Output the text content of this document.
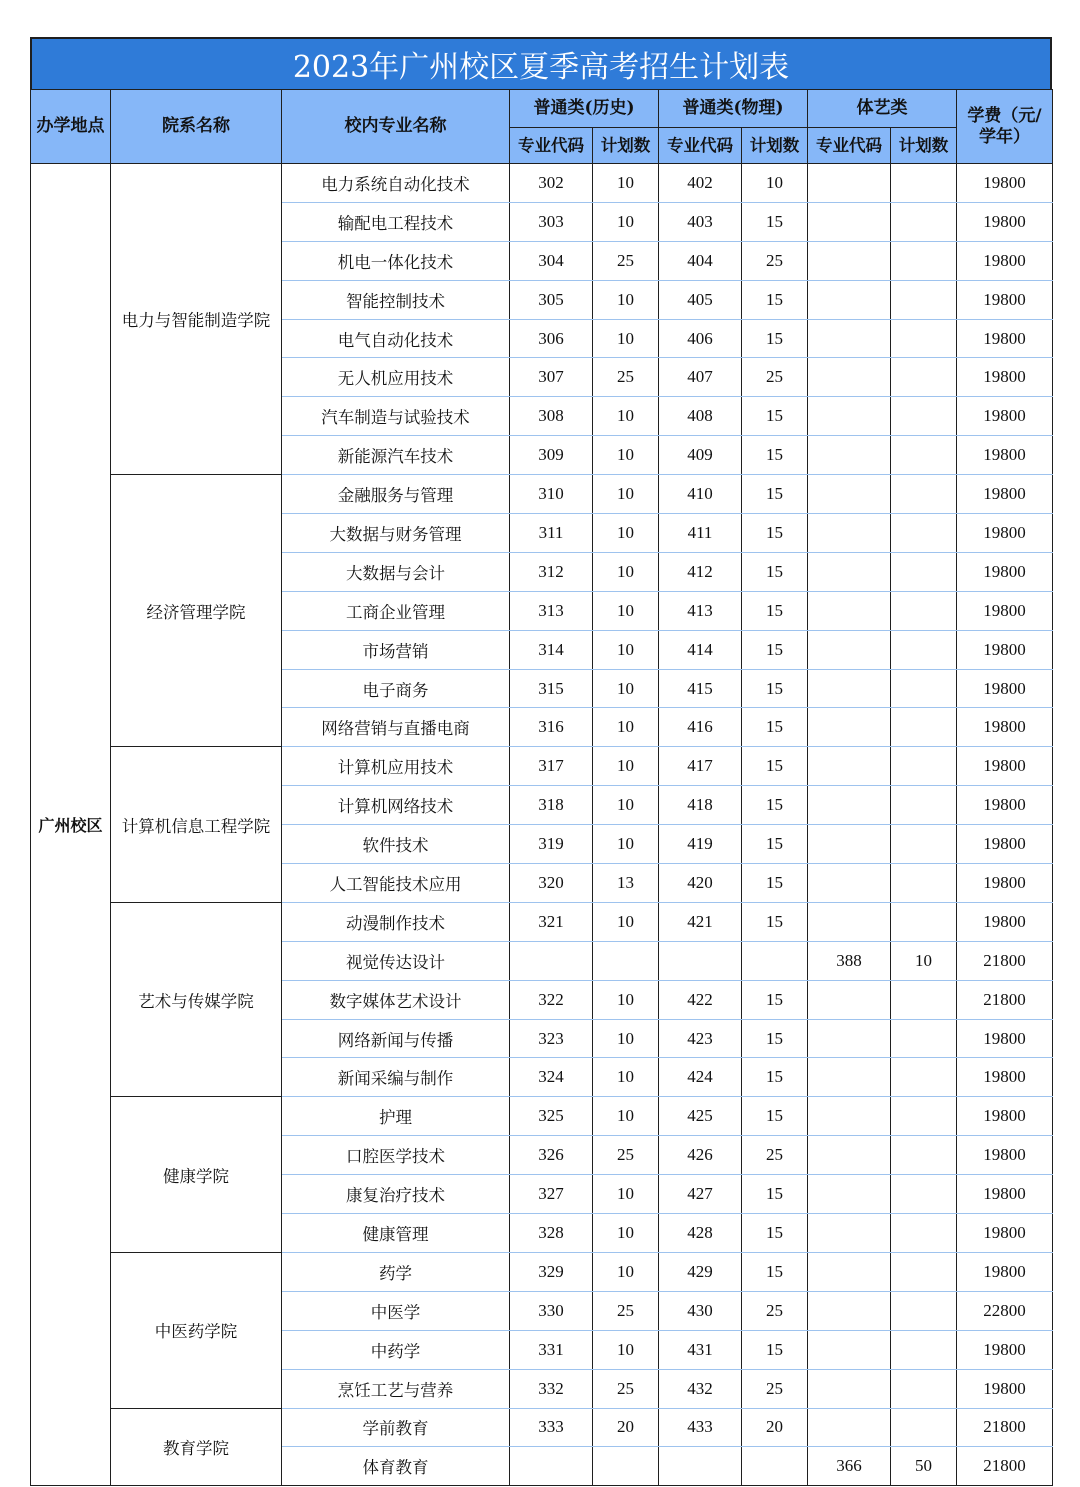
2023年广州校区夏季高考招生计划表
办学地点	院系名称	校内专业名称	普通类(历史)		普通类(物理)		体艺类		学费（元/学年）
			专业代码	计划数	专业代码	计划数	专业代码	计划数	
广州校区	电力与智能制造学院	电力系统自动化技术	302	10	402	10			19800
		输配电工程技术	303	10	403	15			19800
		机电一体化技术	304	25	404	25			19800
		智能控制技术	305	10	405	15			19800
		电气自动化技术	306	10	406	15			19800
		无人机应用技术	307	25	407	25			19800
		汽车制造与试验技术	308	10	408	15			19800
		新能源汽车技术	309	10	409	15			19800
	经济管理学院	金融服务与管理	310	10	410	15			19800
		大数据与财务管理	311	10	411	15			19800
		大数据与会计	312	10	412	15			19800
		工商企业管理	313	10	413	15			19800
		市场营销	314	10	414	15			19800
		电子商务	315	10	415	15			19800
		网络营销与直播电商	316	10	416	15			19800
	计算机信息工程学院	计算机应用技术	317	10	417	15			19800
		计算机网络技术	318	10	418	15			19800
		软件技术	319	10	419	15			19800
		人工智能技术应用	320	13	420	15			19800
	艺术与传媒学院	动漫制作技术	321	10	421	15			19800
		视觉传达设计					388	10	21800
		数字媒体艺术设计	322	10	422	15			21800
		网络新闻与传播	323	10	423	15			19800
		新闻采编与制作	324	10	424	15			19800
	健康学院	护理	325	10	425	15			19800
		口腔医学技术	326	25	426	25			19800
		康复治疗技术	327	10	427	15			19800
		健康管理	328	10	428	15			19800
	中医药学院	药学	329	10	429	15			19800
		中医学	330	25	430	25			22800
		中药学	331	10	431	15			19800
		烹饪工艺与营养	332	25	432	25			19800
	教育学院	学前教育	333	20	433	20			21800
		体育教育					366	50	21800
